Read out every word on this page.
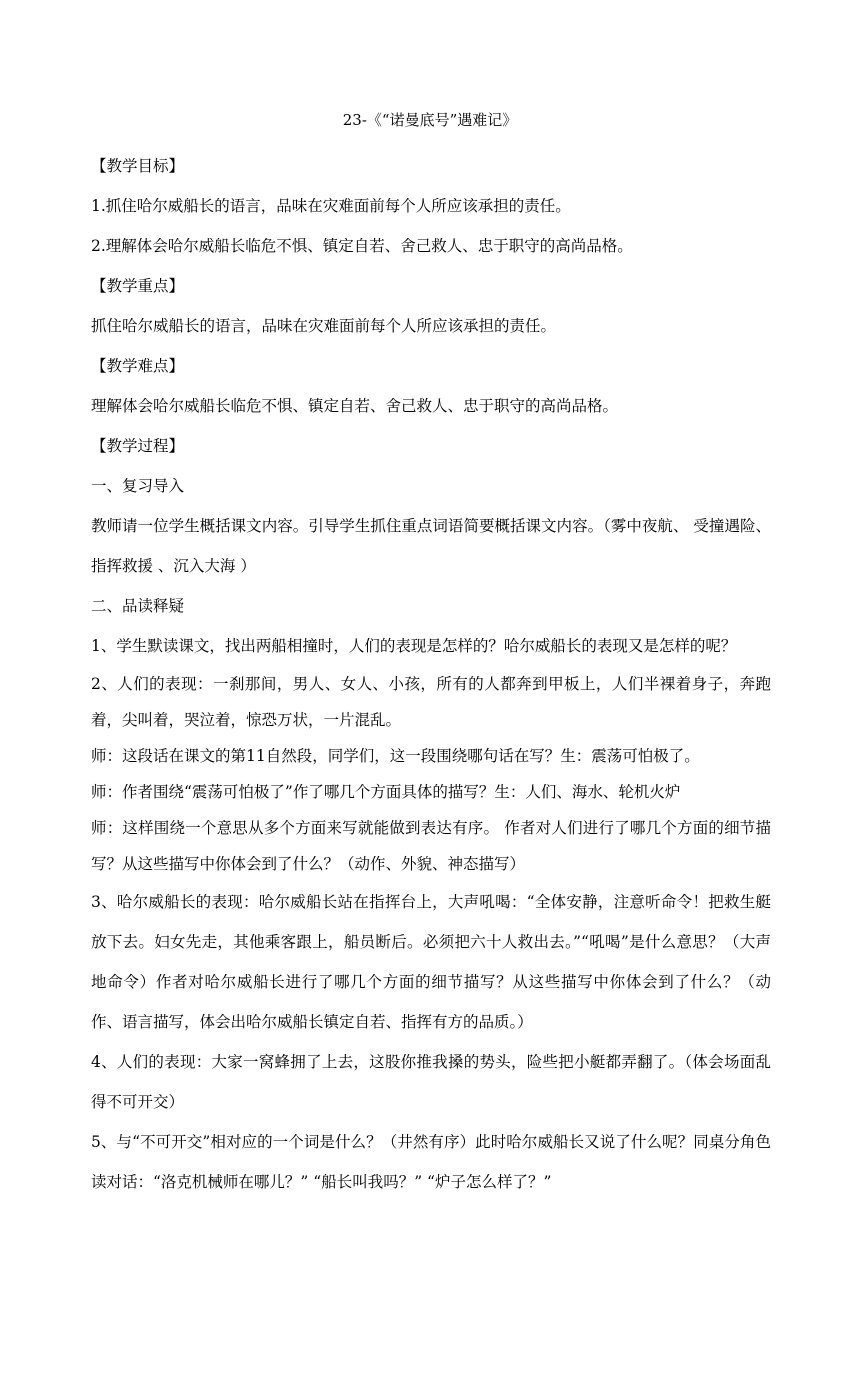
23-《“诺曼底号”遇难记》

【教学目标】

1.抓住哈尔威船长的语言，品味在灾难面前每个人所应该承担的责任。

2.理解体会哈尔威船长临危不惧、镇定自若、舍己救人、忠于职守的高尚品格。

【教学重点】

抓住哈尔威船长的语言，品味在灾难面前每个人所应该承担的责任。

【教学难点】

理解体会哈尔威船长临危不惧、镇定自若、舍己救人、忠于职守的高尚品格。

【教学过程】

一、复习导入

教师请一位学生概括课文内容。引导学生抓住重点词语简要概括课文内容。（雾中夜航、 受撞遇险、 指挥救援 、沉入大海 ）

二、品读释疑

1、学生默读课文，找出两船相撞时，人们的表现是怎样的？哈尔威船长的表现又是怎样的呢？

2、人们的表现：一刹那间，男人、女人、小孩，所有的人都奔到甲板上，人们半裸着身子，奔跑着，尖叫着，哭泣着，惊恐万状，一片混乱。

师：这段话在课文的第11自然段，同学们，这一段围绕哪句话在写？生：震荡可怕极了。

师：作者围绕“震荡可怕极了”作了哪几个方面具体的描写？生：人们、海水、轮机火炉

师：这样围绕一个意思从多个方面来写就能做到表达有序。 作者对人们进行了哪几个方面的细节描写？从这些描写中你体会到了什么？（动作、外貌、神态描写）

3、哈尔威船长的表现：哈尔威船长站在指挥台上，大声吼喝：“全体安静，注意听命令！把救生艇放下去。妇女先走，其他乘客跟上，船员断后。必须把六十人救出去。”“吼喝”是什么意思？（大声地命令）作者对哈尔威船长进行了哪几个方面的细节描写？从这些描写中你体会到了什么？（动作、语言描写，体会出哈尔威船长镇定自若、指挥有方的品质。）

4、人们的表现：大家一窝蜂拥了上去，这股你推我搡的势头，险些把小艇都弄翻了。（体会场面乱得不可开交）

5、与“不可开交”相对应的一个词是什么？（井然有序）此时哈尔威船长又说了什么呢？同桌分角色读对话：“洛克机械师在哪儿？” “船长叫我吗？” “炉子怎么样了？”
